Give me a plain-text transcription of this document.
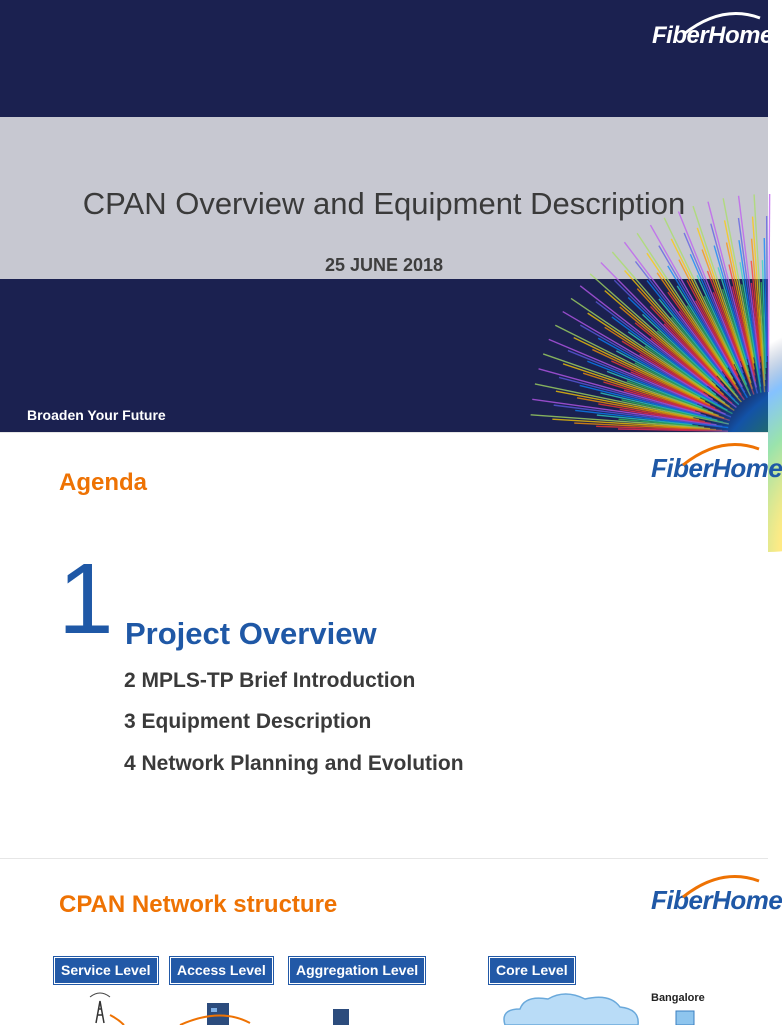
FiberHome
CPAN Overview and Equipment Description
25 JUNE 2018
Broaden Your Future
Agenda	FiberHome
1 Project Overview
2 MPLS-TP Brief Introduction
3 Equipment Description
4 Network Planning and Evolution
CPAN Network structure	FiberHome
Service Level	Access Level	Aggregation Level	Core Level
Bangalore
